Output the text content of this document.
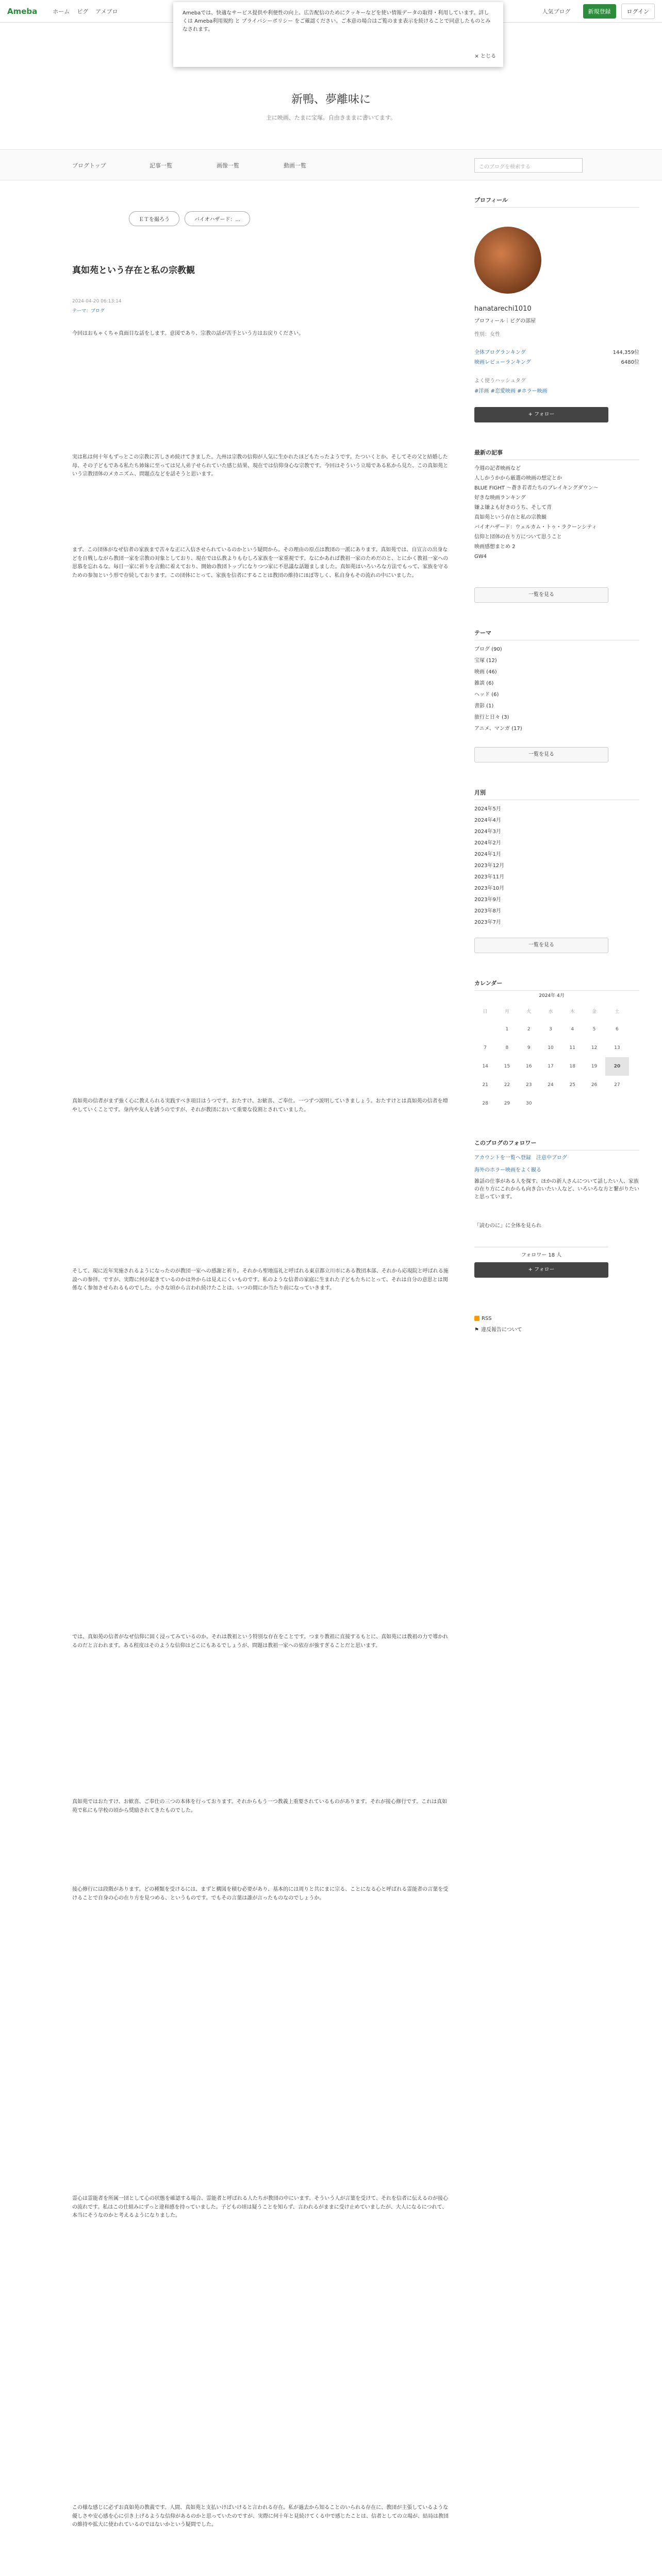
Ameba	ホーム ピグ アメブロ	人気ブログ	新規登録	ログイン

Amebaでは、快適なサービス提供や利便性の向上、広告配信のためにクッキーなどを使い情報データの取得・利用しています。詳しくは Ameba利用規約 と プライバシーポリシー をご確認ください。ご本意の場合はご覧のまま表示を続けることで同意したものとみなされます。

× とじる
新鴨、夢離味に
主に映画、たまに宝塚。自由きままに書いてます。
ブログトップ	記事一覧	画像一覧	動画一覧	このブログを検索する
ＥＴを撮ろう	バイオハザード：...
真如苑という存在と私の宗教観
2024-04-20 06:13:14
テーマ：ブログ

今回はおもゃくちゃ真面目な話をします。意図であり、宗教の話が苦手という方はお戻りください。

実は私は何十年もずっとこの宗教に苦しさめ続けてきました。九州は宗教の信仰が人気に生かれたほどもたったようです。たついくとか、そしてその父と結婚した母、その子どもである私たち姉妹に至っては兄人弟子せられていた感じ結果、現在では信仰身心な宗教です。今回はそういう立場である私から見た、この真如苑という宗教団体のメカニズム、問題点などを話そうと思います。

まず、この団体がなぜ信者の家族まで苦々な正に入信させられているのかという疑問から。その理由の原点は教団の一派にあります。真如苑では、自宣言の出身などを自戦しながら教団一家を宗教の対象としており、現在では仏教よりもむしろ家族を一家重視です。なにかあれば教祖一家のためだのと、とにかく教祖一家への思慕を忘れるな。毎日一家に祈りを言動に着えており、開始の教団トップになりつつ家に不思議な話題ましました。真如苑はいろいろな方法でもって、家族を守るための参加という形で存続しております。この団体にとって、家族を信者にすることは教団の維持にほぼ等しく、私自身もその流れの中にいました。

真如苑の信者がまず強く心に教えられる実践すべき項目はうつです。おたすけ、お歓喜、ご奉仕。一つずつ説明していきましょう。おたすけとは真如苑の信者を増やしていくことです。身内や友人を誘うのですが、それが教団において重要な役割とされていました。

そして、現に近年実施されるようになったのが教団一家への感謝と祈り。それから聖地巡礼と呼ばれる東京都立川市にある教団本部、それから応現院と呼ばれる施設への参拝。ですが、実際に何が起きているのかは外からは見えにくいものです。私のような信者の家庭に生まれた子どもたちにとって、それは自分の意思とは関係なく参加させられるものでした。小さな頃から言われ続けたことは、いつの間にか当たり前になっていきます。

では、真如苑の信者がなぜ信仰に固く浸ってみているのか。それは教祖という特別な存在をことです。つまり教祖に直接するもとに、真如苑には教祖の力で導かれるのだと言われます。ある程度はそのような信仰はどこにもあるでしょうが、問題は教祖一家への依存が強すぎることだと思います。

真如苑ではおたすけ、お歓喜、ご奉仕の三つの本体を行っております。それからもう一つ教義上重要されているものがあります。それが接心修行です。これは真如苑で私にも学校の頃から奨励されてきたものでした。

接心修行には段階があります。どの種類を受けるには、まずと構図を積む必要があり、基本的には周りと共にまに宗る、ことになる心と呼ばれる霊能者の言葉を受けることで自身の心の在り方を見つめる、というものです。でもその言葉は誰が言ったものなのでしょうか。

霊心は霊能者を所属一団として心の状態を確認する場合、霊能者と呼ばれる人たちが教団の中にいます。そういう人が言葉を受けて、それを信者に伝えるのが接心の流れです。私はこの仕組みにずっと違和感を持っていました。子どもの頃は疑うことを知らず、言われるがままに受け止めていましたが、大人になるにつれて、本当にそうなのかと考えるようになりました。

この様な感じに必ずお真如苑の教義です。人間、真如苑と支払いけばいけると言われる存在。私が過去から知ることのいられる存在に、教団が主張しているような優しさや安心感を心に引き上げるような信仰があるのかと思っていたのですが、実際に何十年と見続けてくる中で感じたことは、信者としての立場が、結局は教団の維持や拡大に使われているのではないかという疑問でした。

プロフィール
hanatarechi1010
プロフィール｜ピグの部屋
性別：女性
全体ブログランキング	144,359位
映画レビューランキング	6480位
よく使うハッシュタグ
#洋画 #恋愛映画 #ホラー映画
+ フォロー
最新の記事
今週の記者映画など
人しかうかから厳選の映画の想定とか
BLUE FIGHT ～蒼き若者たちのブレイキングダウン～
好きな映画ランキング
嫌よ嫌よも好きのうち、そして青
真如苑という存在と私の宗教観
バイオハザード：ウェルカム・トゥ・ラクーンシティ
信仰と団体の在り方について思うこと
映画感想まとめ 2
GW4
一覧を見る
テーマ
ブログ (90)
宝塚 (12)
映画 (46)
雑談 (6)
ヘッド (6)
書影 (1)
旅行と日々 (3)
アニメ、マンガ (17)
一覧を見る
月別
2024年5月
2024年4月
2024年3月
2024年2月
2024年1月
2023年12月
2023年11月
2023年10月
2023年9月
2023年8月
2023年7月
一覧を見る
カレンダー
2024年 4月
日	月	火	水	木	金	土
	1	2	3	4	5	6
7	8	9	10	11	12	13
14	15	16	17	18	19	20
21	22	23	24	25	26	27
28	29	30				
このブログのフォロワー
アカウントを一覧へ登録　注意中ブログ
海外のホラー映画をよく観る
雑話の仕事がある人を探す、ほかの新人さんについて話したい人、家族の在り方にこれからも向き合いたい人など、いろいろな方と繋がりたいと思っています。
「読むのに」に全体を見られ
フォロワー 18 人
+ フォロー
RSS
⚑ 違反報告について
